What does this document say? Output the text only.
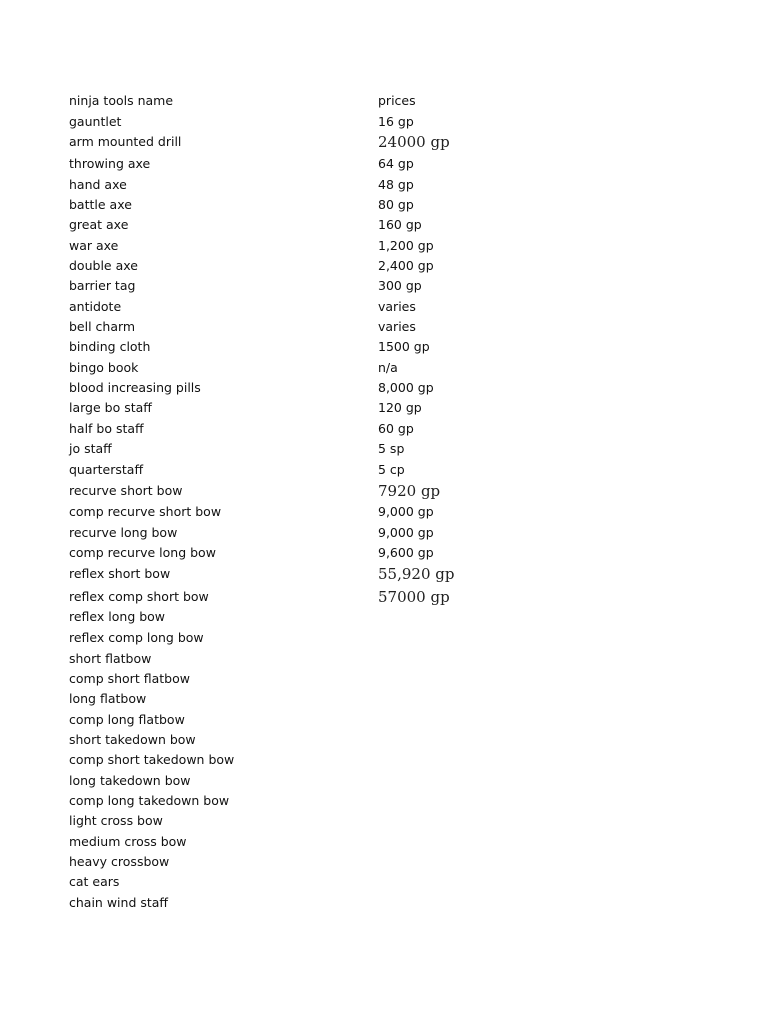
ninja tools name	prices
gauntlet	16 gp
arm mounted drill	24000 gp
throwing axe	64 gp
hand axe	48 gp
battle axe	80 gp
great axe	160 gp
war axe	1,200 gp
double axe	2,400 gp
barrier tag	300 gp
antidote	varies
bell charm	varies
binding cloth	1500 gp
bingo book	n/a
blood increasing pills	8,000 gp
large bo staff	120 gp
half bo staff	60 gp
jo staff	5 sp
quarterstaff	5 cp
recurve short bow	7920 gp
comp recurve short bow	9,000 gp
recurve long bow	9,000 gp
comp recurve long bow	9,600 gp
reflex short bow	55,920 gp
reflex comp short bow	57000 gp
reflex long bow
reflex comp long bow
short flatbow
comp short flatbow
long flatbow
comp long flatbow
short takedown bow
comp short takedown bow
long takedown bow
comp long takedown bow
light cross bow
medium cross bow
heavy crossbow
cat ears
chain wind staff
